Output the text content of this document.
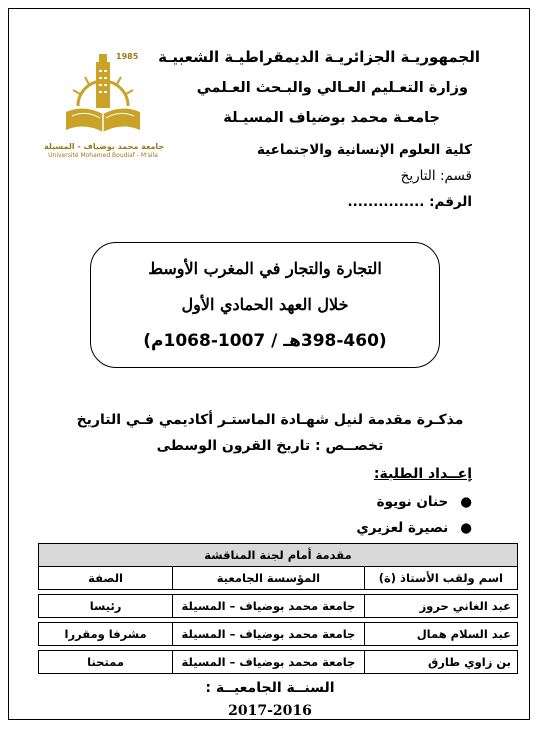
الجمهوريـة الجزائريـة الديمقراطيـة الشعبيـة
وزارة التعـليم العـالي والبـحث العـلمي
جامعـة محمد بوضياف المسيـلة
كلية العلوم الإنسانية والاجتماعية
قسم: التاريخ
الرقم: ...............
1985
جامعة محمد بوضياف - المسيلة
Université Mohamed Boudiaf - M'sila
التجارة والتجار في المغرب الأوسط
خلال العهد الحمادي الأول
(398-460هـ / 1007-1068م)
مذكـرة مقدمة لنيل شهـادة الماستـر أكاديمي فـي التاريخ
تخصــص : تاريخ القرون الوسطى
إعــداد الطلبة:
●حنان نويوة
●نصيرة لعزيري
مقدمة أمام لجنة المناقشة		
اسم ولقب الأستاذ (ة)	المؤسسة الجامعية	الصفة

عبد الغاني حروز	جامعة محمد بوضياف – المسيلة	رئيسا

عبد السلام همال	جامعة محمد بوضياف – المسيلة	مشرفا ومقررا

بن زاوي طارق	جامعة محمد بوضياف – المسيلة	ممتحنا
السنــة الجامعيــة :
2017-2016
